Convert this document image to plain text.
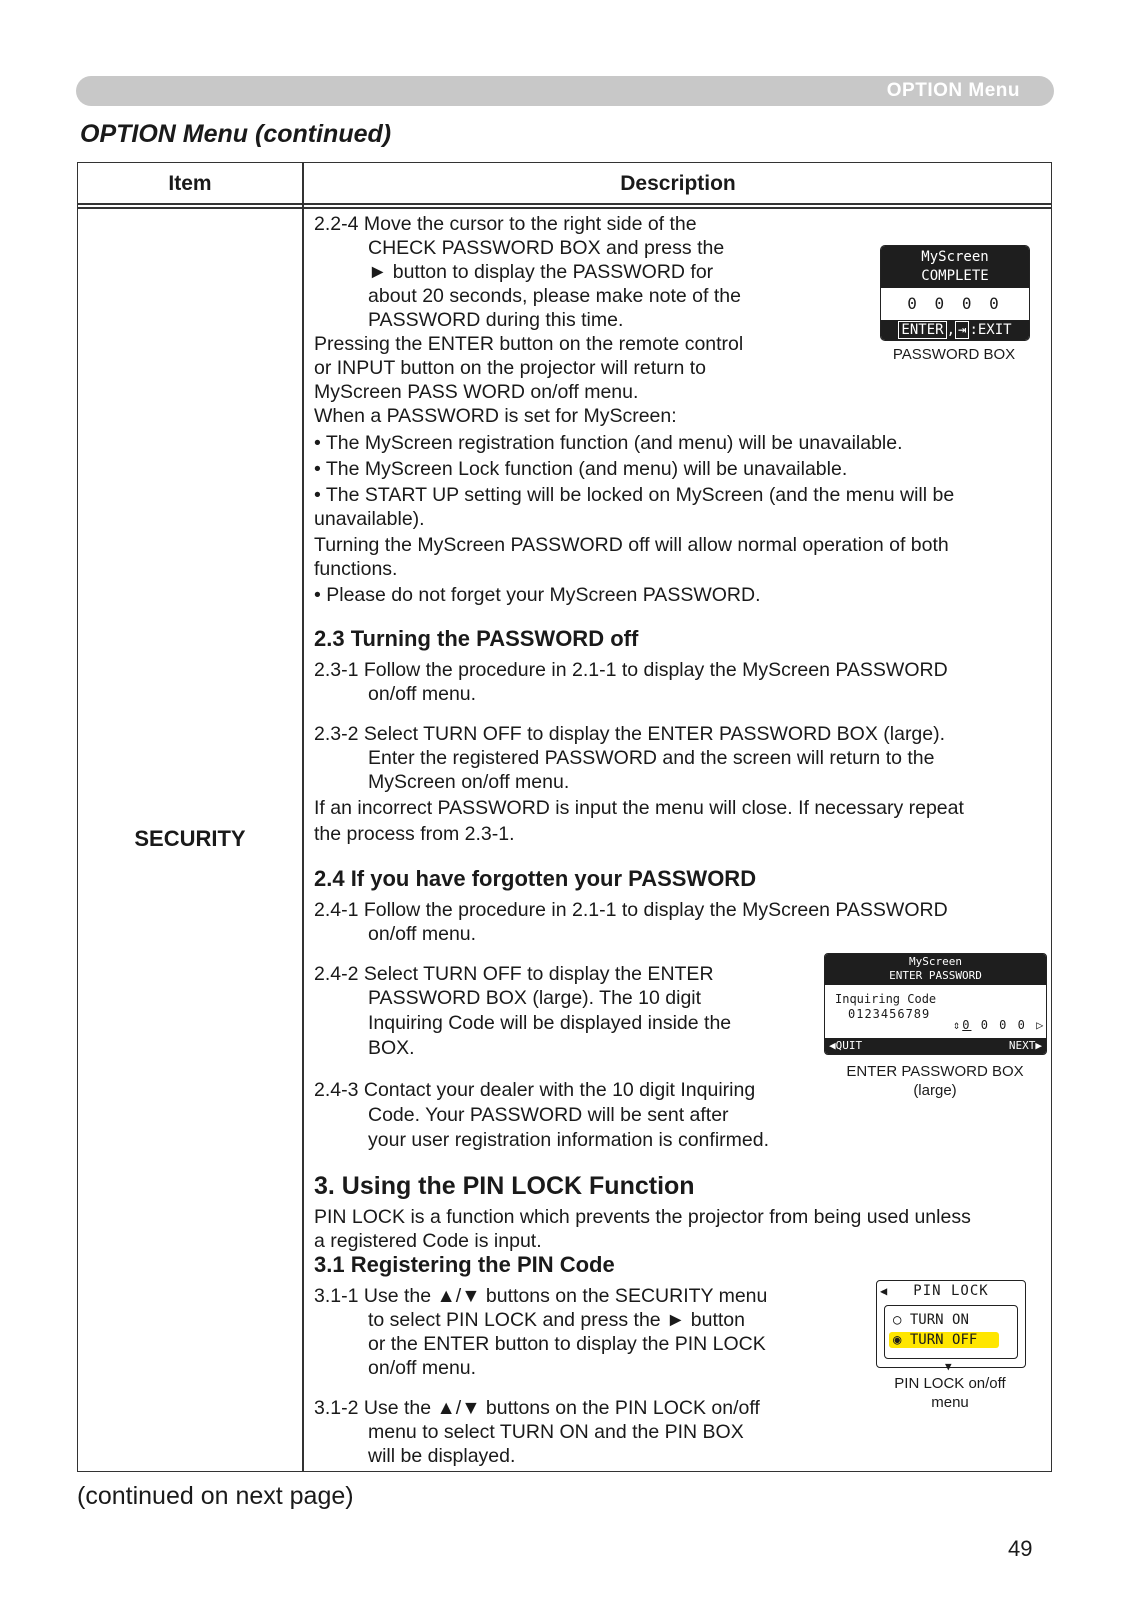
OPTION Menu
OPTION Menu (continued)
Item	Description
SECURITY

2.2-4 Move the cursor to the right side of the

CHECK PASSWORD BOX and press the

► button to display the PASSWORD for

about 20 seconds, please make note of the

PASSWORD during this time.

Pressing the ENTER button on the remote control

or INPUT button on the projector will return to

MyScreen PASS WORD on/off menu.

When a PASSWORD is set for MyScreen:

• The MyScreen registration function (and menu) will be unavailable.

• The MyScreen Lock function (and menu) will be unavailable.

• The START UP setting will be locked on MyScreen (and the menu will be

unavailable).

Turning the MyScreen PASSWORD off will allow normal operation of both

functions.

• Please do not forget your MyScreen PASSWORD.

2.3 Turning the PASSWORD off

2.3-1 Follow the procedure in 2.1-1 to display the MyScreen PASSWORD

on/off menu.

2.3-2 Select TURN OFF to display the ENTER PASSWORD BOX (large).

Enter the registered PASSWORD and the screen will return to the

MyScreen on/off menu.

If an incorrect PASSWORD is input the menu will close. If necessary repeat

the process from 2.3-1.

2.4 If you have forgotten your PASSWORD

2.4-1 Follow the procedure in 2.1-1 to display the MyScreen PASSWORD

on/off menu.

2.4-2 Select TURN OFF to display the ENTER

PASSWORD BOX (large). The 10 digit

Inquiring Code will be displayed inside the

BOX.

2.4-3 Contact your dealer with the 10 digit Inquiring

Code. Your PASSWORD will be sent after

your user registration information is confirmed.

3. Using the PIN LOCK Function

PIN LOCK is a function which prevents the projector from being used unless

a registered Code is input.

3.1 Registering the PIN Code

3.1-1 Use the ▲/▼ buttons on the SECURITY menu

to select PIN LOCK and press the ► button

or the ENTER button to display the PIN LOCK

on/off menu.

3.1-2 Use the ▲/▼ buttons on the PIN LOCK on/off

menu to select TURN ON and the PIN BOX

will be displayed.

MyScreen
COMPLETE
0 0 0 0
ENTER , ⇥ :EXIT
PASSWORD BOX
MyScreen
ENTER PASSWORD
Inquiring Code
0123456789
⇕0 0 0 0 ▷
◀QUIT	NEXT▶
ENTER PASSWORD BOX
(large)
◀	PIN LOCK
○ TURN ON
◉ TURN OFF
▼
PIN LOCK on/off
menu
(continued on next page)
49
